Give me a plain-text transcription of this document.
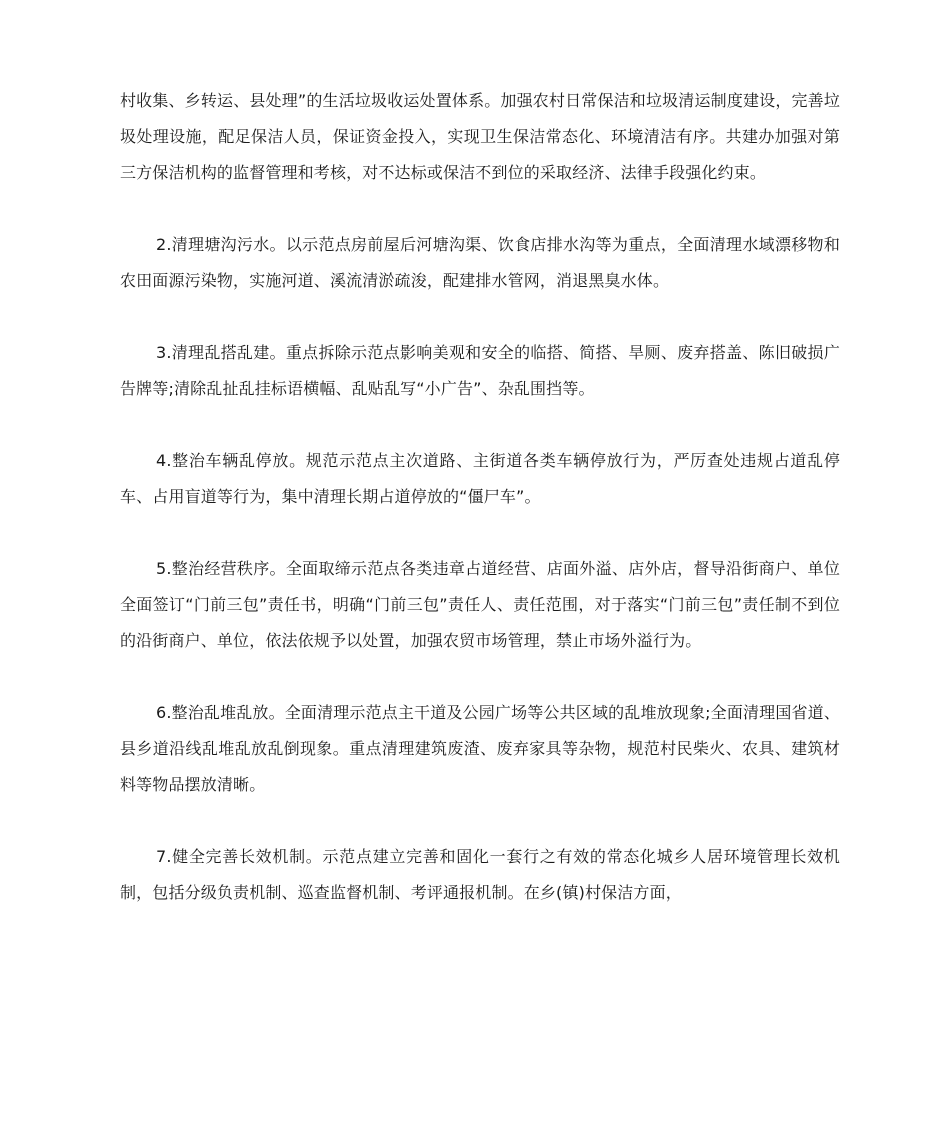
村收集、乡转运、县处理”的生活垃圾收运处置体系。加强农村日常保洁和垃圾清运制度建设，完善垃圾处理设施，配足保洁人员，保证资金投入，实现卫生保洁常态化、环境清洁有序。共建办加强对第三方保洁机构的监督管理和考核，对不达标或保洁不到位的采取经济、法律手段强化约束。

2.清理塘沟污水。以示范点房前屋后河塘沟渠、饮食店排水沟等为重点，全面清理水域漂移物和农田面源污染物，实施河道、溪流清淤疏浚，配建排水管网，消退黑臭水体。

3.清理乱搭乱建。重点拆除示范点影响美观和安全的临搭、简搭、旱厕、废弃搭盖、陈旧破损广告牌等;清除乱扯乱挂标语横幅、乱贴乱写“小广告”、杂乱围挡等。

4.整治车辆乱停放。规范示范点主次道路、主街道各类车辆停放行为，严厉查处违规占道乱停车、占用盲道等行为，集中清理长期占道停放的“僵尸车”。

5.整治经营秩序。全面取缔示范点各类违章占道经营、店面外溢、店外店，督导沿街商户、单位全面签订“门前三包”责任书，明确“门前三包”责任人、责任范围，对于落实“门前三包”责任制不到位的沿街商户、单位，依法依规予以处置，加强农贸市场管理，禁止市场外溢行为。

6.整治乱堆乱放。全面清理示范点主干道及公园广场等公共区域的乱堆放现象;全面清理国省道、县乡道沿线乱堆乱放乱倒现象。重点清理建筑废渣、废弃家具等杂物，规范村民柴火、农具、建筑材料等物品摆放清晰。

7.健全完善长效机制。示范点建立完善和固化一套行之有效的常态化城乡人居环境管理长效机制，包括分级负责机制、巡查监督机制、考评通报机制。在乡(镇)村保洁方面，
